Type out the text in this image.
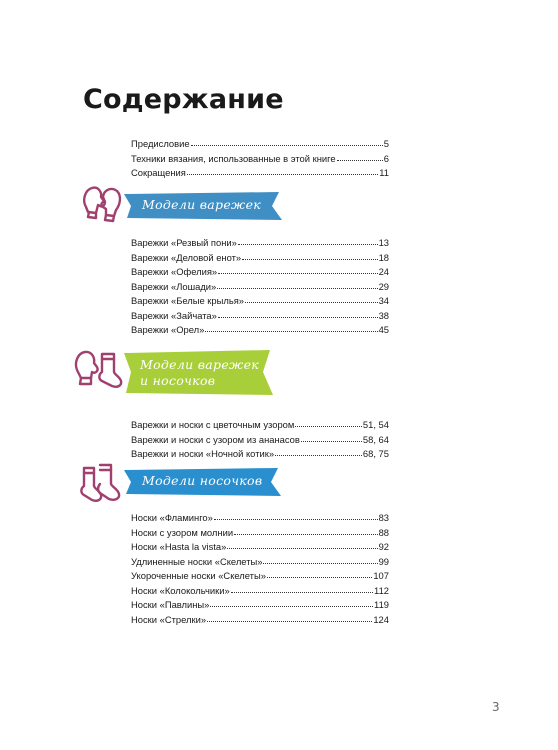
Содержание
Предисловие	5
Техники вязания, использованные в этой книге	6
Сокращения	11
Модели варежек
Варежки «Резвый пони»	13
Варежки «Деловой енот»	18
Варежки «Офелия»	24
Варежки «Лошади»	29
Варежки «Белые крылья»	34
Варежки «Зайчата»	38
Варежки «Орел»	45
Модели варежек
и носочков
Варежки и носки с цветочным узором	51, 54
Варежки и носки с узором из ананасов	58, 64
Варежки и носки «Ночной котик»	68, 75
Модели носочков
Носки «Фламинго»	83
Носки с узором молнии	88
Носки «Hasta la vista»	92
Удлиненные носки «Скелеты»	99
Укороченные носки «Скелеты»	107
Носки «Колокольчики»	112
Носки «Павлины»	119
Носки «Стрелки»	124
3
